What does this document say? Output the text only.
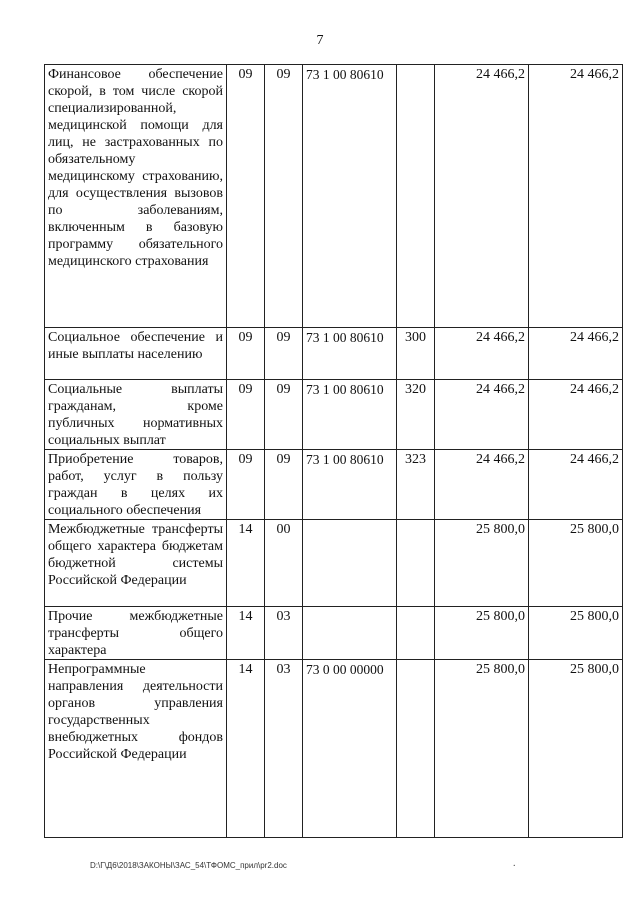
7
Финансовое обеспечение скорой, в том числе скорой специализированной, медицинской помощи для лиц, не застрахованных по обязательному медицинскому страхованию, для осуществления вызовов по заболеваниям, включенным в базовую программу обязательного медицинского страхования	09	09	73 1 00 80610		24 466,2	24 466,2
Социальное обеспечение и иные выплаты населению	09	09	73 1 00 80610	300	24 466,2	24 466,2
Социальные выплаты гражданам, кроме публичных нормативных социальных выплат	09	09	73 1 00 80610	320	24 466,2	24 466,2
Приобретение товаров, работ, услуг в пользу граждан в целях их социального обеспечения	09	09	73 1 00 80610	323	24 466,2	24 466,2
Межбюджетные трансферты общего характера бюджетам бюджетной системы Российской Федерации	14	00			25 800,0	25 800,0
Прочие межбюджетные трансферты общего характера	14	03			25 800,0	25 800,0
Непрограммные направления деятельности органов управления государственных внебюджетных фондов Российской Федерации	14	03	73 0 00 00000		25 800,0	25 800,0
D:\Г\Д6\2018\ЗАКОНЫ\ЗАС_54\ТФОМС_прил\pr2.doc	.
